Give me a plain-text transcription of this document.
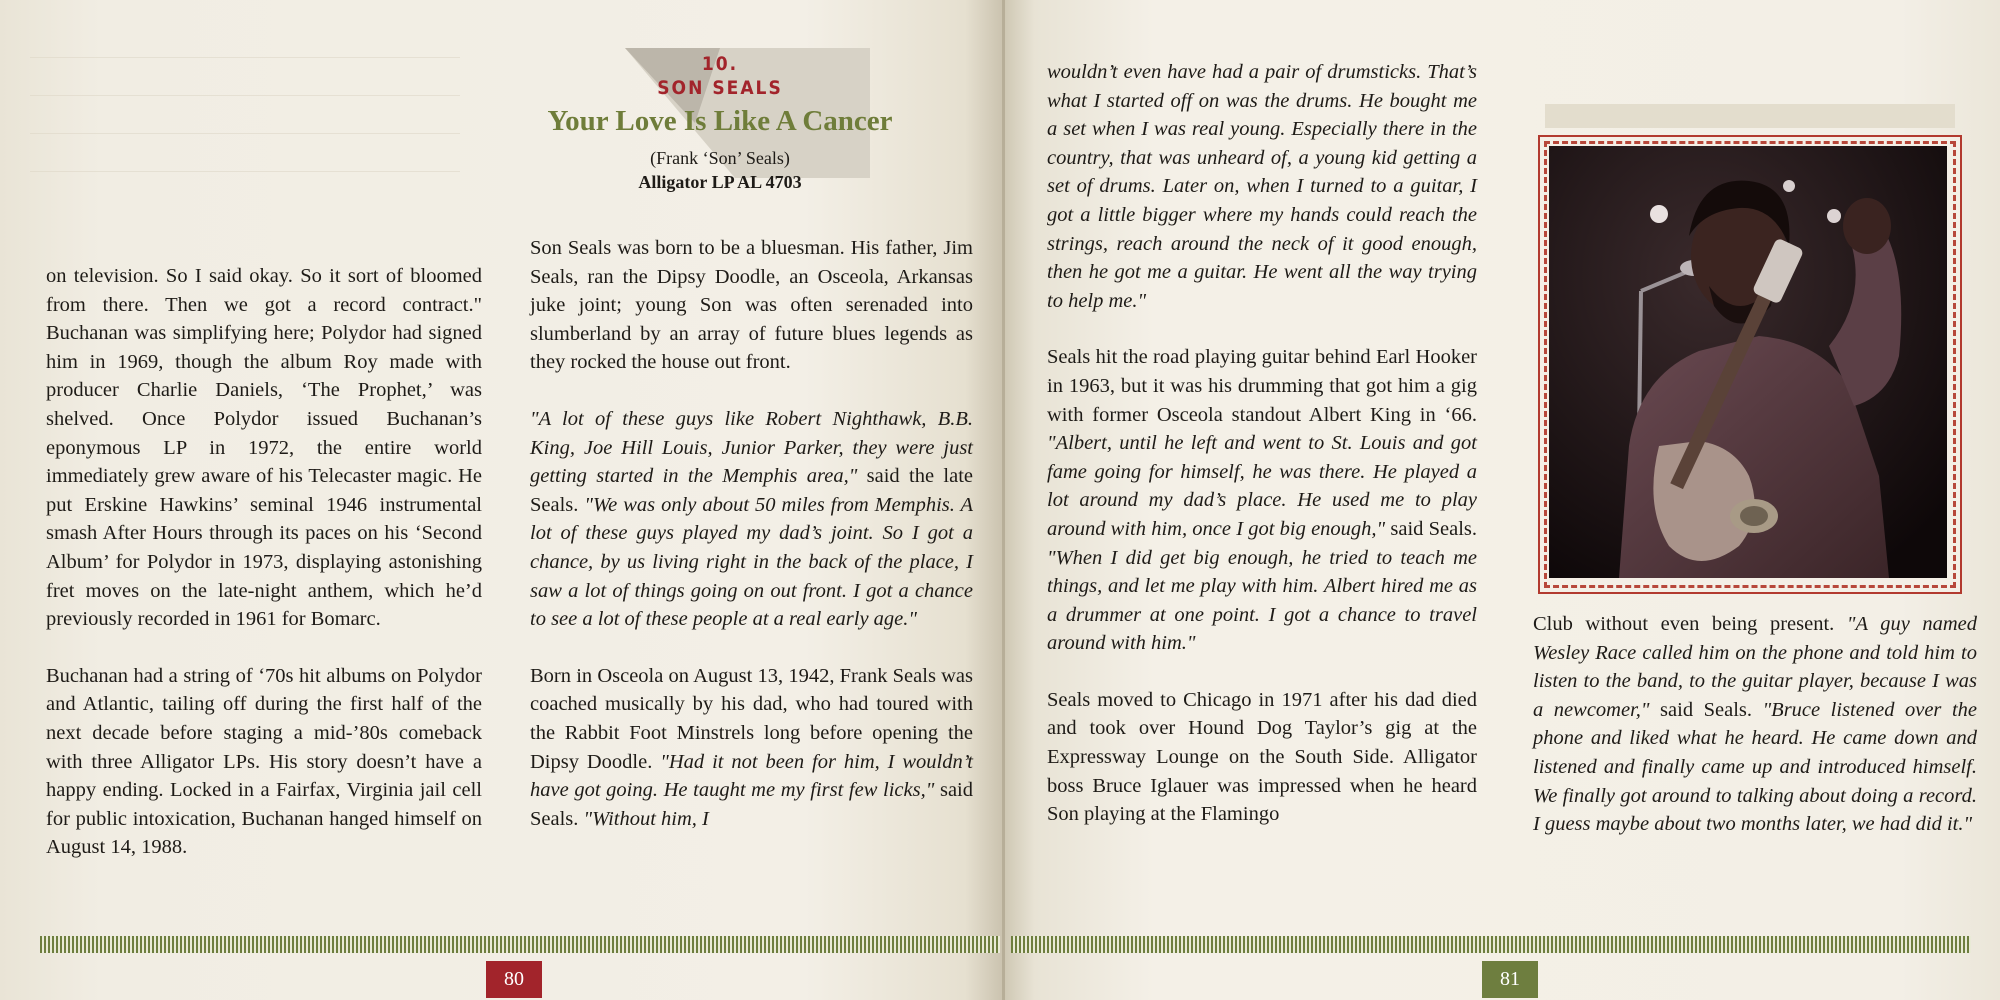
on television. So I said okay. So it sort of bloomed from there. Then we got a record contract." Buchanan was simplifying here; Polydor had signed him in 1969, though the album Roy made with producer Charlie Daniels, ‘The Prophet,’ was shelved. Once Polydor issued Buchanan’s eponymous LP in 1972, the entire world immediately grew aware of his Telecaster magic. He put Erskine Hawkins’ seminal 1946 instrumental smash After Hours through its paces on his ‘Second Album’ for Polydor in 1973, displaying astonishing fret moves on the late-night anthem, which he’d previously recorded in 1961 for Bomarc.

Buchanan had a string of ‘70s hit albums on Polydor and Atlantic, tailing off during the first half of the next decade before staging a mid-’80s comeback with three Alligator LPs. His story doesn’t have a happy ending. Locked in a Fairfax, Virginia jail cell for public intoxication, Buchanan hanged himself on August 14, 1988.

10.
SON SEALS
Your Love Is Like A Cancer
(Frank ‘Son’ Seals)
Alligator LP AL 4703

Son Seals was born to be a bluesman. His father, Jim Seals, ran the Dipsy Doodle, an Osceola, Arkansas juke joint; young Son was often serenaded into slumberland by an array of future blues legends as they rocked the house out front.

"A lot of these guys like Robert Nighthawk, B.B. King, Joe Hill Louis, Junior Parker, they were just getting started in the Memphis area," said the late Seals. "We was only about 50 miles from Memphis. A lot of these guys played my dad’s joint. So I got a chance, by us living right in the back of the place, I saw a lot of things going on out front. I got a chance to see a lot of these people at a real early age."

Born in Osceola on August 13, 1942, Frank Seals was coached musically by his dad, who had toured with the Rabbit Foot Minstrels long before opening the Dipsy Doodle. "Had it not been for him, I wouldn’t have got going. He taught me my first few licks," said Seals. "Without him, I

80

wouldn’t even have had a pair of drumsticks. That’s what I started off on was the drums. He bought me a set when I was real young. Especially there in the country, that was unheard of, a young kid getting a set of drums. Later on, when I turned to a guitar, I got a little bigger where my hands could reach the strings, reach around the neck of it good enough, then he got me a guitar. He went all the way trying to help me."

Seals hit the road playing guitar behind Earl Hooker in 1963, but it was his drumming that got him a gig with former Osceola standout Albert King in ‘66. "Albert, until he left and went to St. Louis and got fame going for himself, he was there. He played a lot around my dad’s place. He used me to play around with him, once I got big enough," said Seals. "When I did get big enough, he tried to teach me things, and let me play with him. Albert hired me as a drummer at one point. I got a chance to travel around with him."

Seals moved to Chicago in 1971 after his dad died and took over Hound Dog Taylor’s gig at the Expressway Lounge on the South Side. Alligator boss Bruce Iglauer was impressed when he heard Son playing at the Flamingo

Club without even being present. "A guy named Wesley Race called him on the phone and told him to listen to the band, to the guitar player, because I was a newcomer," said Seals. "Bruce listened over the phone and liked what he heard. He came down and listened and finally came up and introduced himself. We finally got around to talking about doing a record. I guess maybe about two months later, we had did it."

81
